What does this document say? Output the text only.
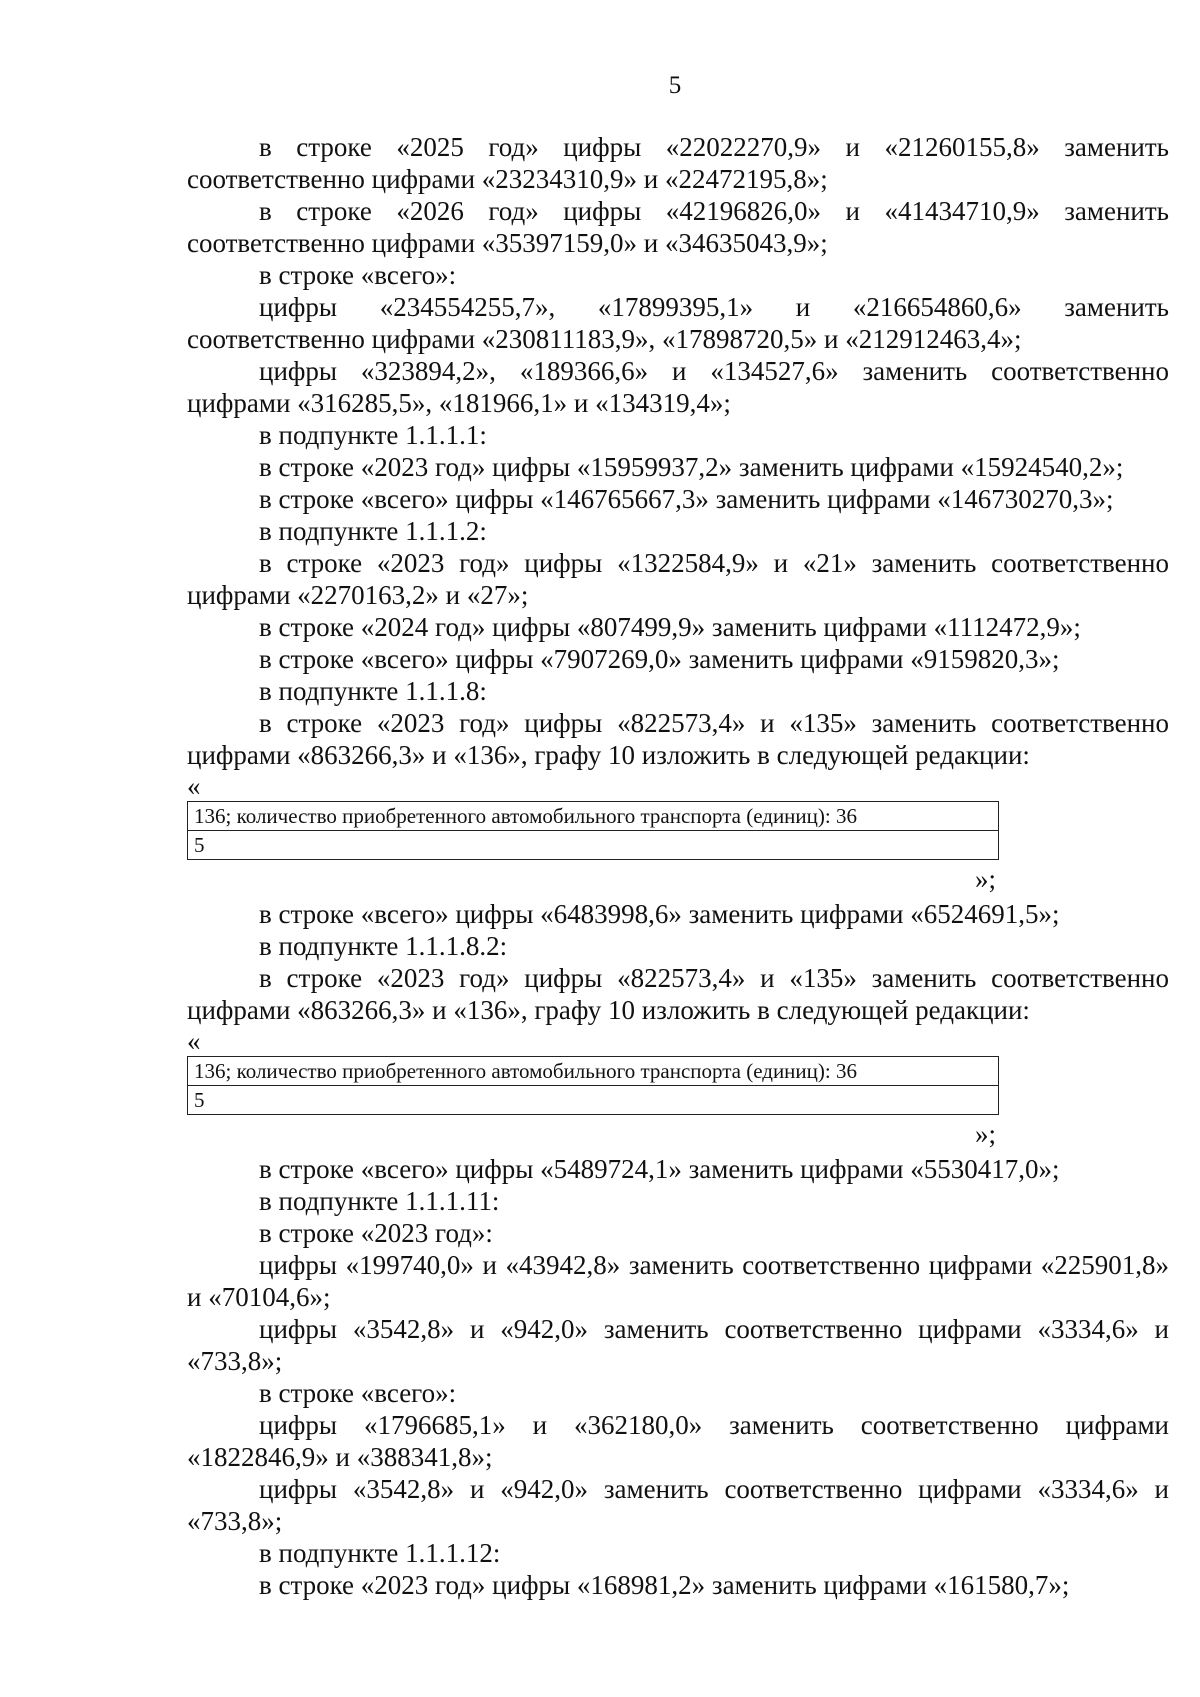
5

в строке «2025 год» цифры «22022270,9» и «21260155,8» заменить соответственно цифрами «23234310,9» и «22472195,8»;

в строке «2026 год» цифры «42196826,0» и «41434710,9» заменить соответственно цифрами «35397159,0» и «34635043,9»;

в строке «всего»:

цифры «234554255,7», «17899395,1» и «216654860,6» заменить соответственно цифрами «230811183,9», «17898720,5» и «212912463,4»;

цифры «323894,2», «189366,6» и «134527,6» заменить соответственно цифрами «316285,5», «181966,1» и «134319,4»;

в подпункте 1.1.1.1:

в строке «2023 год» цифры «15959937,2» заменить цифрами «15924540,2»;

в строке «всего» цифры «146765667,3» заменить цифрами «146730270,3»;

в подпункте 1.1.1.2:

в строке «2023 год» цифры «1322584,9» и «21» заменить соответственно цифрами «2270163,2» и «27»;

в строке «2024 год» цифры «807499,9» заменить цифрами «1112472,9»;

в строке «всего» цифры «7907269,0» заменить цифрами «9159820,3»;

в подпункте 1.1.1.8:

в строке «2023 год» цифры «822573,4» и «135» заменить соответственно цифрами «863266,3» и «136», графу 10 изложить в следующей редакции:

«

136; количество приобретенного автомобильного транспорта (единиц): 36
5

»;

в строке «всего» цифры «6483998,6» заменить цифрами «6524691,5»;

в подпункте 1.1.1.8.2:

в строке «2023 год» цифры «822573,4» и «135» заменить соответственно цифрами «863266,3» и «136», графу 10 изложить в следующей редакции:

«

136; количество приобретенного автомобильного транспорта (единиц): 36
5

»;

в строке «всего» цифры «5489724,1» заменить цифрами «5530417,0»;

в подпункте 1.1.1.11:

в строке «2023 год»:

цифры «199740,0» и «43942,8» заменить соответственно цифрами «225901,8» и «70104,6»;

цифры «3542,8» и «942,0» заменить соответственно цифрами «3334,6» и «733,8»;

в строке «всего»:

цифры «1796685,1» и «362180,0» заменить соответственно цифрами «1822846,9» и «388341,8»;

цифры «3542,8» и «942,0» заменить соответственно цифрами «3334,6» и «733,8»;

в подпункте 1.1.1.12:

в строке «2023 год» цифры «168981,2» заменить цифрами «161580,7»;
